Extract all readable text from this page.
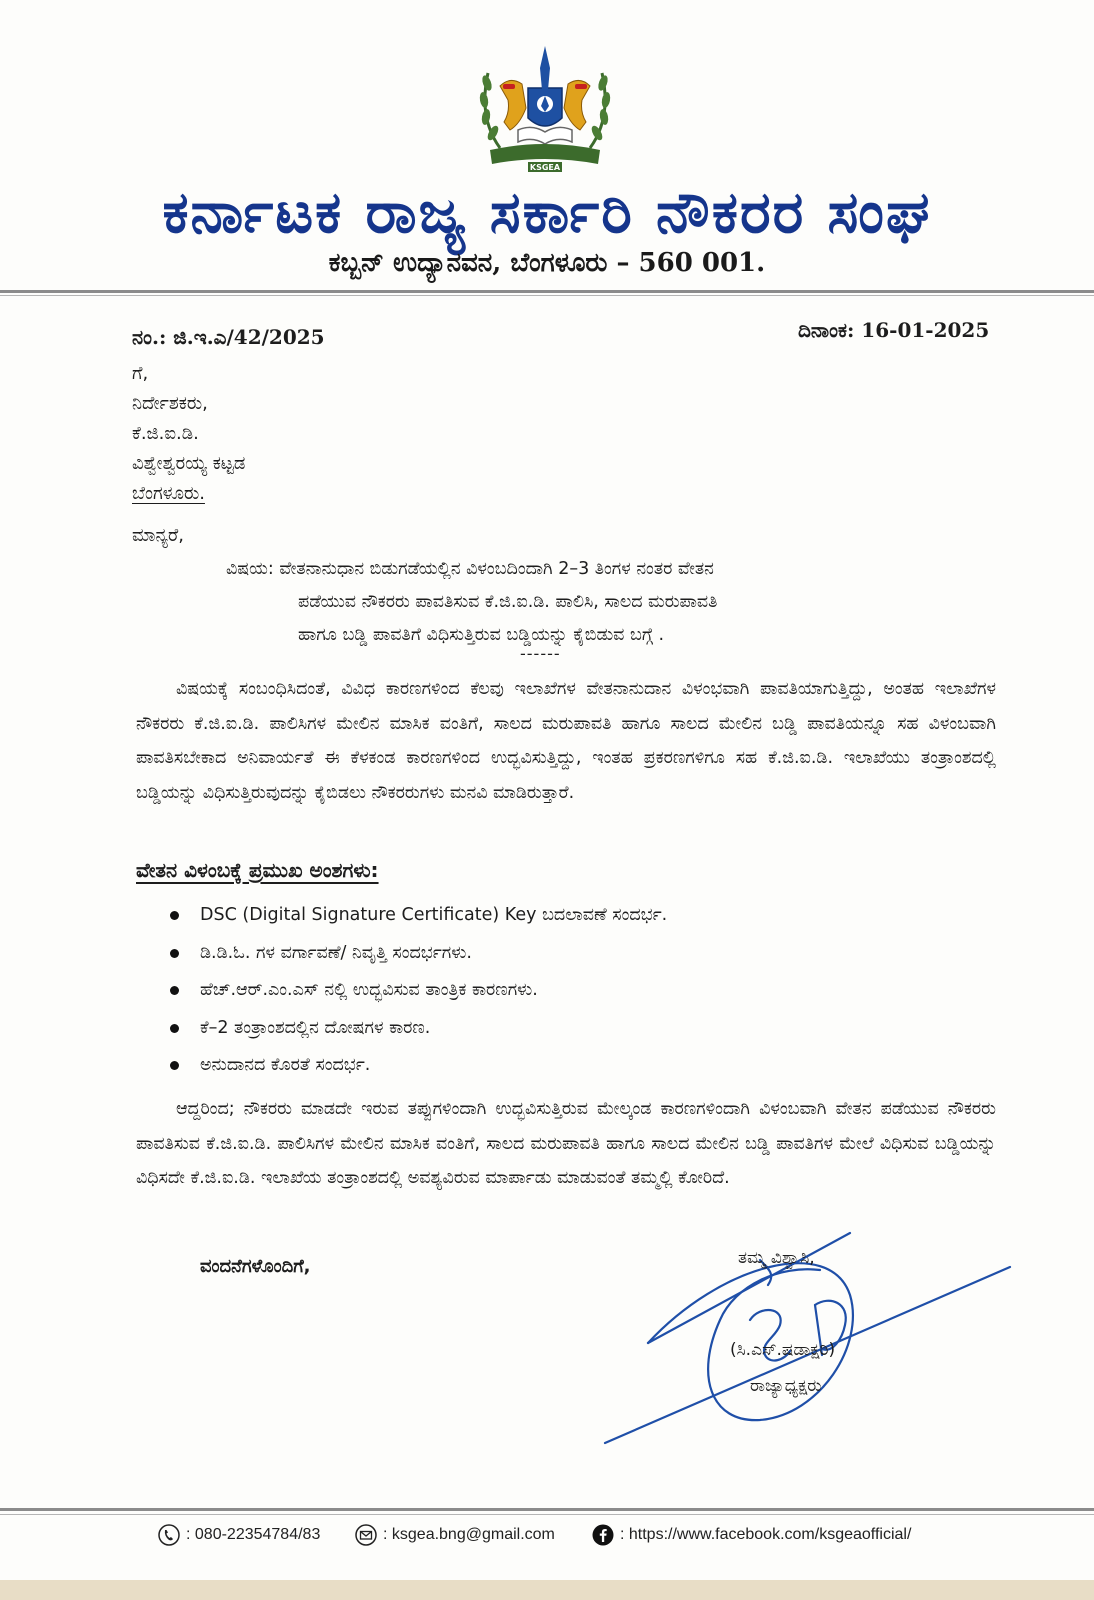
KSGEA
ಕರ್ನಾಟಕ ರಾಜ್ಯ ಸರ್ಕಾರಿ ನೌಕರರ ಸಂಘ
ಕಬ್ಬನ್ ಉದ್ಯಾನವನ, ಬೆಂಗಳೂರು – 560 001.
ನಂ.: ಜಿ.ಇ.ಎ/42/2025	ದಿನಾಂಕ: 16-01-2025
ಗೆ,
ನಿರ್ದೇಶಕರು,
ಕೆ.ಜಿ.ಐ.ಡಿ.
ವಿಶ್ವೇಶ್ವರಯ್ಯ ಕಟ್ಟಡ
ಬೆಂಗಳೂರು.
ಮಾನ್ಯರೆ,
ವಿಷಯ: ವೇತನಾನುಧಾನ ಬಿಡುಗಡೆಯಲ್ಲಿನ ವಿಳಂಬದಿಂದಾಗಿ 2–3 ತಿಂಗಳ ನಂತರ ವೇತನ
ಪಡೆಯುವ ನೌಕರರು ಪಾವತಿಸುವ ಕೆ.ಜಿ.ಐ.ಡಿ. ಪಾಲಿಸಿ, ಸಾಲದ ಮರುಪಾವತಿ
ಹಾಗೂ ಬಡ್ಡಿ ಪಾವತಿಗೆ ವಿಧಿಸುತ್ತಿರುವ ಬಡ್ಡಿಯನ್ನು ಕೈಬಿಡುವ ಬಗ್ಗೆ .
------
ವಿಷಯಕ್ಕೆ ಸಂಬಂಧಿಸಿದಂತೆ, ವಿವಿಧ ಕಾರಣಗಳಿಂದ ಕೆಲವು ಇಲಾಖೆಗಳ ವೇತನಾನುದಾನ ವಿಳಂಭವಾಗಿ ಪಾವತಿಯಾಗುತ್ತಿದ್ದು, ಅಂತಹ ಇಲಾಖೆಗಳ ನೌಕರರು ಕೆ.ಜಿ.ಐ.ಡಿ. ಪಾಲಿಸಿಗಳ ಮೇಲಿನ ಮಾಸಿಕ ವಂತಿಗೆ, ಸಾಲದ ಮರುಪಾವತಿ ಹಾಗೂ ಸಾಲದ ಮೇಲಿನ ಬಡ್ಡಿ ಪಾವತಿಯನ್ನೂ ಸಹ ವಿಳಂಬವಾಗಿ ಪಾವತಿಸಬೇಕಾದ ಅನಿವಾರ್ಯತೆ ಈ ಕೆಳಕಂಡ ಕಾರಣಗಳಿಂದ ಉದ್ಭವಿಸುತ್ತಿದ್ದು, ಇಂತಹ ಪ್ರಕರಣಗಳಿಗೂ ಸಹ ಕೆ.ಜಿ.ಐ.ಡಿ. ಇಲಾಖೆಯು ತಂತ್ರಾಂಶದಲ್ಲಿ ಬಡ್ಡಿಯನ್ನು ವಿಧಿಸುತ್ತಿರುವುದನ್ನು ಕೈಬಿಡಲು ನೌಕರರುಗಳು ಮನವಿ ಮಾಡಿರುತ್ತಾರೆ.
ವೇತನ ವಿಳಂಬಕ್ಕೆ ಪ್ರಮುಖ ಅಂಶಗಳು:
DSC (Digital Signature Certificate) Key ಬದಲಾವಣೆ ಸಂದರ್ಭ.
ಡಿ.ಡಿ.ಓ. ಗಳ ವರ್ಗಾವಣೆ/ ನಿವೃತ್ತಿ ಸಂದರ್ಭಗಳು.
ಹೆಚ್.ಆರ್.ಎಂ.ಎಸ್ ನಲ್ಲಿ ಉದ್ಭವಿಸುವ ತಾಂತ್ರಿಕ ಕಾರಣಗಳು.
ಕೆ–2 ತಂತ್ರಾಂಶದಲ್ಲಿನ ದೋಷಗಳ ಕಾರಣ.
ಅನುದಾನದ ಕೊರತೆ ಸಂದರ್ಭ.
ಆದ್ದರಿಂದ; ನೌಕರರು ಮಾಡದೇ ಇರುವ ತಪ್ಪುಗಳಿಂದಾಗಿ ಉದ್ಭವಿಸುತ್ತಿರುವ ಮೇಲ್ಕಂಡ ಕಾರಣಗಳಿಂದಾಗಿ ವಿಳಂಬವಾಗಿ ವೇತನ ಪಡೆಯುವ ನೌಕರರು ಪಾವತಿಸುವ ಕೆ.ಜಿ.ಐ.ಡಿ. ಪಾಲಿಸಿಗಳ ಮೇಲಿನ ಮಾಸಿಕ ವಂತಿಗೆ, ಸಾಲದ ಮರುಪಾವತಿ ಹಾಗೂ ಸಾಲದ ಮೇಲಿನ ಬಡ್ಡಿ ಪಾವತಿಗಳ ಮೇಲೆ ವಿಧಿಸುವ ಬಡ್ಡಿಯನ್ನು ವಿಧಿಸದೇ ಕೆ.ಜಿ.ಐ.ಡಿ. ಇಲಾಖೆಯ ತಂತ್ರಾಂಶದಲ್ಲಿ ಅವಶ್ಯವಿರುವ ಮಾರ್ಪಾಡು ಮಾಡುವಂತೆ ತಮ್ಮಲ್ಲಿ ಕೋರಿದೆ.
ವಂದನೆಗಳೊಂದಿಗೆ,	ತಮ್ಮ ವಿಶ್ವಾಸಿ,
(ಸಿ.ಎಸ್.ಷಡಾಕ್ಷರಿ)
ರಾಜ್ಯಾಧ್ಯಕ್ಷರು
: 080-22354784/83	: ksgea.bng@gmail.com	: https://www.facebook.com/ksgeaofficial/
